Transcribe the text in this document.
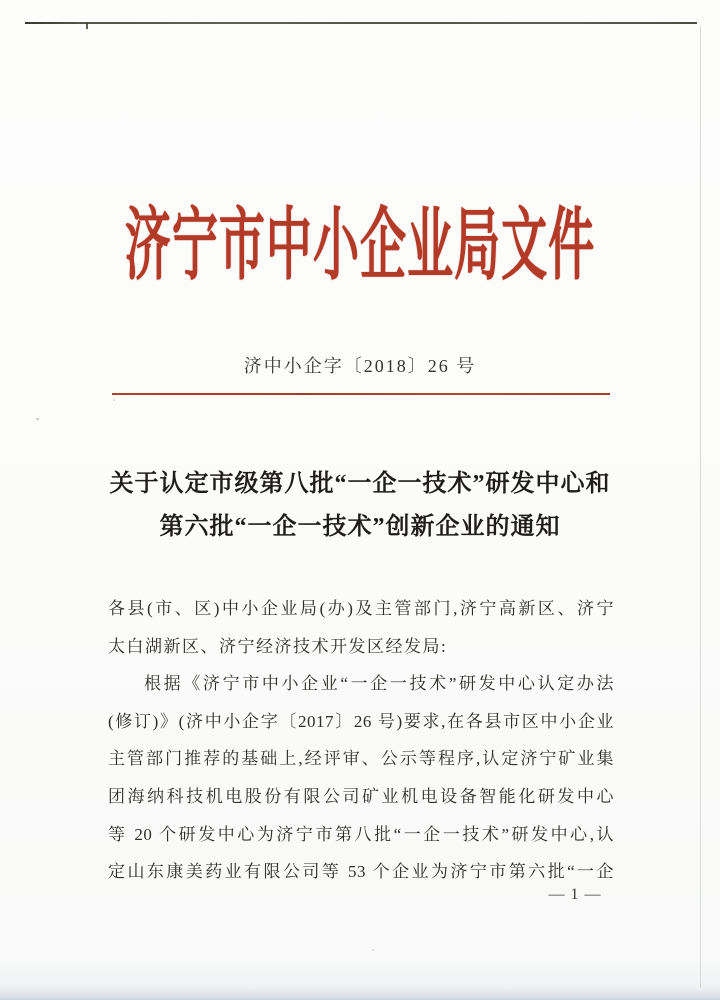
济宁市中小企业局文件
济中小企字〔2018〕26 号
关于认定市级第八批“一企一技术”研发中心和
第六批“一企一技术”创新企业的通知
各县(市、区)中小企业局(办)及主管部门,济宁高新区、济宁
太白湖新区、济宁经济技术开发区经发局:
根据《济宁市中小企业“一企一技术”研发中心认定办法
(修订)》(济中小企字〔2017〕26 号)要求,在各县市区中小企业
主管部门推荐的基础上,经评审、公示等程序,认定济宁矿业集
团海纳科技机电股份有限公司矿业机电设备智能化研发中心
等 20 个研发中心为济宁市第八批“一企一技术”研发中心,认
定山东康美药业有限公司等 53 个企业为济宁市第六批“一企
— 1 —
